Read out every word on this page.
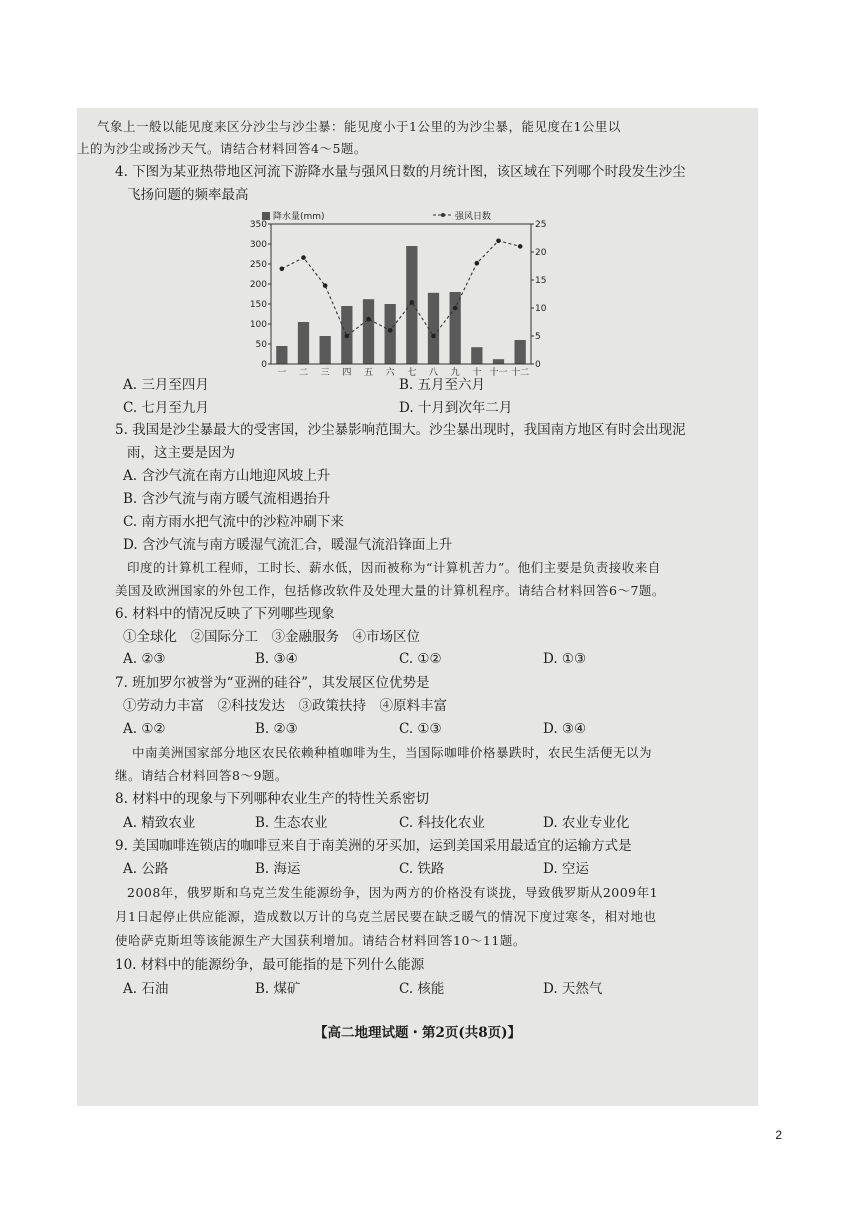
气象上一般以能见度来区分沙尘与沙尘暴：能见度小于1公里的为沙尘暴，能见度在1公里以
上的为沙尘或扬沙天气。请结合材料回答4～5题。
4. 下图为某亚热带地区河流下游降水量与强风日数的月统计图，该区域在下列哪个时段发生沙尘
飞扬问题的频率最高
降水量(mm)	强风日数
350
300
250
200
150
100
50
0
25
20
15
10
5
0
一 二 三 四 五 六 七 八 九 十 十一 十二
A. 三月至四月	B. 五月至六月
C. 七月至九月	D. 十月到次年二月
5. 我国是沙尘暴最大的受害国，沙尘暴影响范围大。沙尘暴出现时，我国南方地区有时会出现泥
雨，这主要是因为
A. 含沙气流在南方山地迎风坡上升
B. 含沙气流与南方暖气流相遇抬升
C. 南方雨水把气流中的沙粒冲刷下来
D. 含沙气流与南方暖湿气流汇合，暖湿气流沿锋面上升
印度的计算机工程师，工时长、薪水低，因而被称为“计算机苦力”。他们主要是负责接收来自
美国及欧洲国家的外包工作，包括修改软件及处理大量的计算机程序。请结合材料回答6～7题。
6. 材料中的情况反映了下列哪些现象
①全球化　②国际分工　③金融服务　④市场区位
A. ②③	B. ③④	C. ①②	D. ①③
7. 班加罗尔被誉为“亚洲的硅谷”，其发展区位优势是
①劳动力丰富　②科技发达　③政策扶持　④原料丰富
A. ①②	B. ②③	C. ①③	D. ③④
中南美洲国家部分地区农民依赖种植咖啡为生，当国际咖啡价格暴跌时，农民生活便无以为
继。请结合材料回答8～9题。
8. 材料中的现象与下列哪种农业生产的特性关系密切
A. 精致农业	B. 生态农业	C. 科技化农业	D. 农业专业化
9. 美国咖啡连锁店的咖啡豆来自于南美洲的牙买加，运到美国采用最适宜的运输方式是
A. 公路	B. 海运	C. 铁路	D. 空运
2008年，俄罗斯和乌克兰发生能源纷争，因为两方的价格没有谈拢，导致俄罗斯从2009年1
月1日起停止供应能源，造成数以万计的乌克兰居民要在缺乏暖气的情况下度过寒冬，相对地也
使哈萨克斯坦等该能源生产大国获利增加。请结合材料回答10～11题。
10. 材料中的能源纷争，最可能指的是下列什么能源
A. 石油	B. 煤矿	C. 核能	D. 天然气
【高二地理试题・第2页(共8页)】
2
